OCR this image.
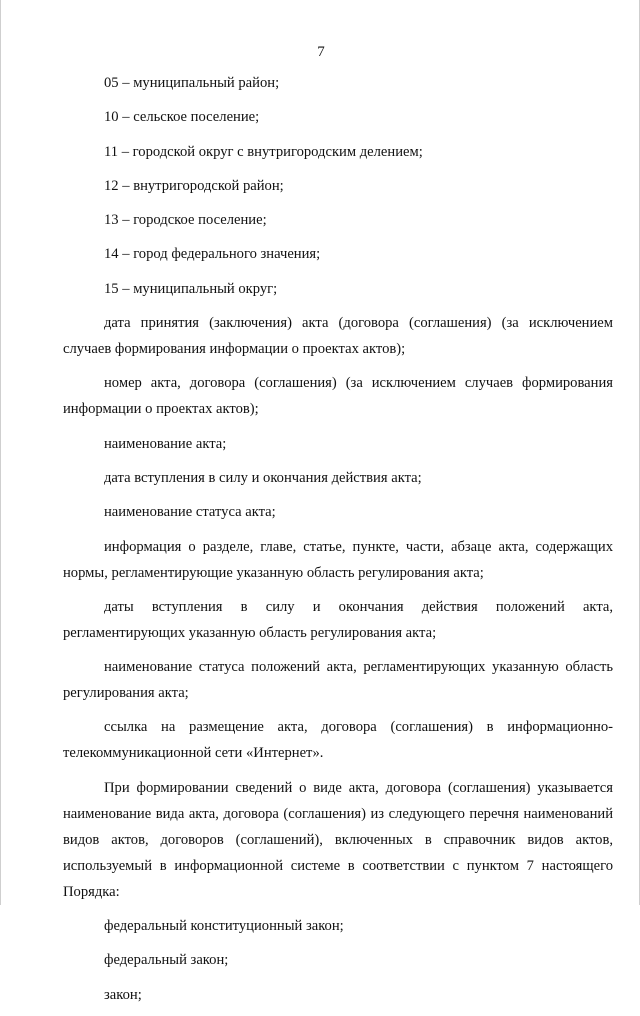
7

05 – муниципальный район;

10 – сельское поселение;

11 – городской округ с внутригородским делением;

12 – внутригородской район;

13 – городское поселение;

14 – город федерального значения;

15 – муниципальный округ;

дата принятия (заключения) акта (договора (соглашения) (за исключением случаев формирования информации о проектах актов);

номер акта, договора (соглашения) (за исключением случаев формирования информации о проектах актов);

наименование акта;

дата вступления в силу и окончания действия акта;

наименование статуса акта;

информация о разделе, главе, статье, пункте, части, абзаце акта, содержащих нормы, регламентирующие указанную область регулирования акта;

даты вступления в силу и окончания действия положений акта, регламентирующих указанную область регулирования акта;

наименование статуса положений акта, регламентирующих указанную область регулирования акта;

ссылка на размещение акта, договора (соглашения) в информационно-телекоммуникационной сети «Интернет».

При формировании сведений о виде акта, договора (соглашения) указывается наименование вида акта, договора (соглашения) из следующего перечня наименований видов актов, договоров (соглашений), включенных в справочник видов актов, используемый в информационной системе в соответствии с пунктом 7 настоящего Порядка:

федеральный конституционный закон;

федеральный закон;

закон;
